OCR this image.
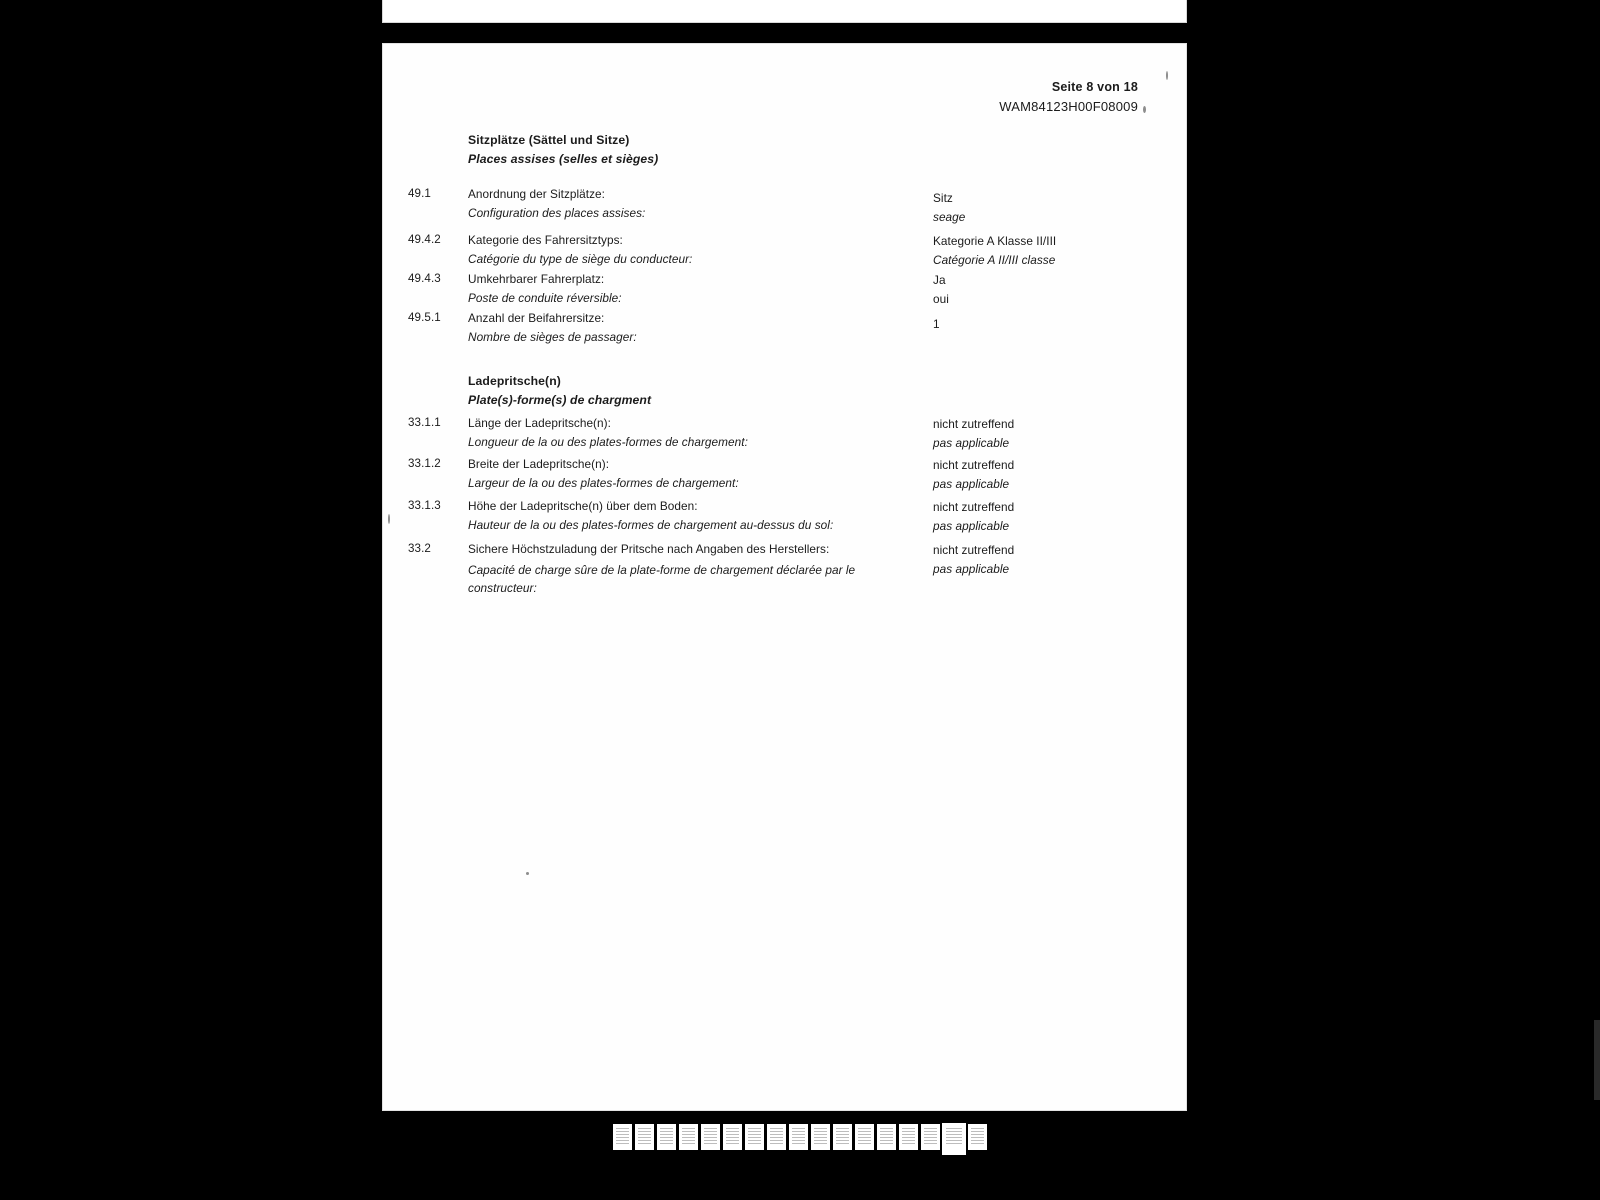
Seite 8 von 18
WAM84123H00F08009
Sitzplätze (Sättel und Sitze)
Places assises (selles et sièges)
49.1	Anordnung der Sitzplätze:
Configuration des places assises:
Sitz
seage
49.4.2	Kategorie des Fahrersitztyps:
Catégorie du type de siège du conducteur:
Kategorie A Klasse II/III
Catégorie A II/III classe
49.4.3	Umkehrbarer Fahrerplatz:
Poste de conduite réversible:
Ja
oui
49.5.1	Anzahl der Beifahrersitze:
Nombre de sièges de passager:
1
Ladepritsche(n)
Plate(s)-forme(s) de chargment
33.1.1	Länge der Ladepritsche(n):
Longueur de la ou des plates-formes de chargement:
nicht zutreffend
pas applicable
33.1.2	Breite der Ladepritsche(n):
Largeur de la ou des plates-formes de chargement:
nicht zutreffend
pas applicable
33.1.3	Höhe der Ladepritsche(n) über dem Boden:
Hauteur de la ou des plates-formes de chargement au-dessus du sol:
nicht zutreffend
pas applicable
33.2	Sichere Höchstzuladung der Pritsche nach Angaben des Herstellers:
Capacité de charge sûre de la plate-forme de chargement déclarée par le constructeur:
nicht zutreffend
pas applicable
